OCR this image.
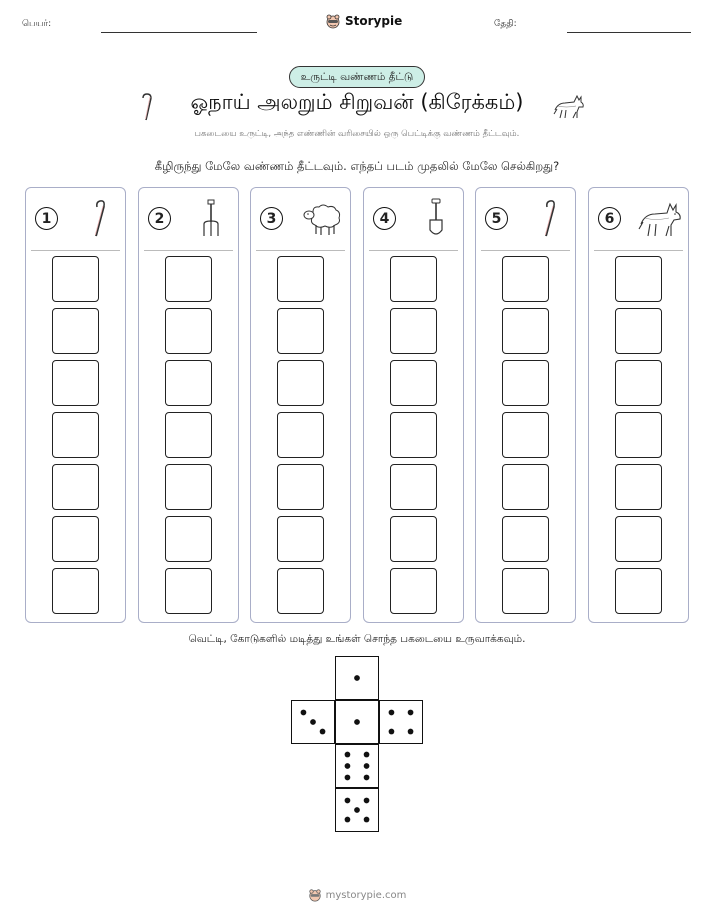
பெயர்:	Storypie	தேதி:
உருட்டி வண்ணம் தீட்டு
ஓநாய் அலறும் சிறுவன் (கிரேக்கம்)
பகடையை உருட்டி, அந்த எண்ணின் வரிசையில் ஒரு பெட்டிக்கு வண்ணம் தீட்டவும்.
கீழிருந்து மேலே வண்ணம் தீட்டவும். எந்தப் படம் முதலில் மேலே செல்கிறது?
1	2	3	4	5	6
வெட்டி, கோடுகளில் மடித்து உங்கள் சொந்த பகடையை உருவாக்கவும்.
mystorypie.com
